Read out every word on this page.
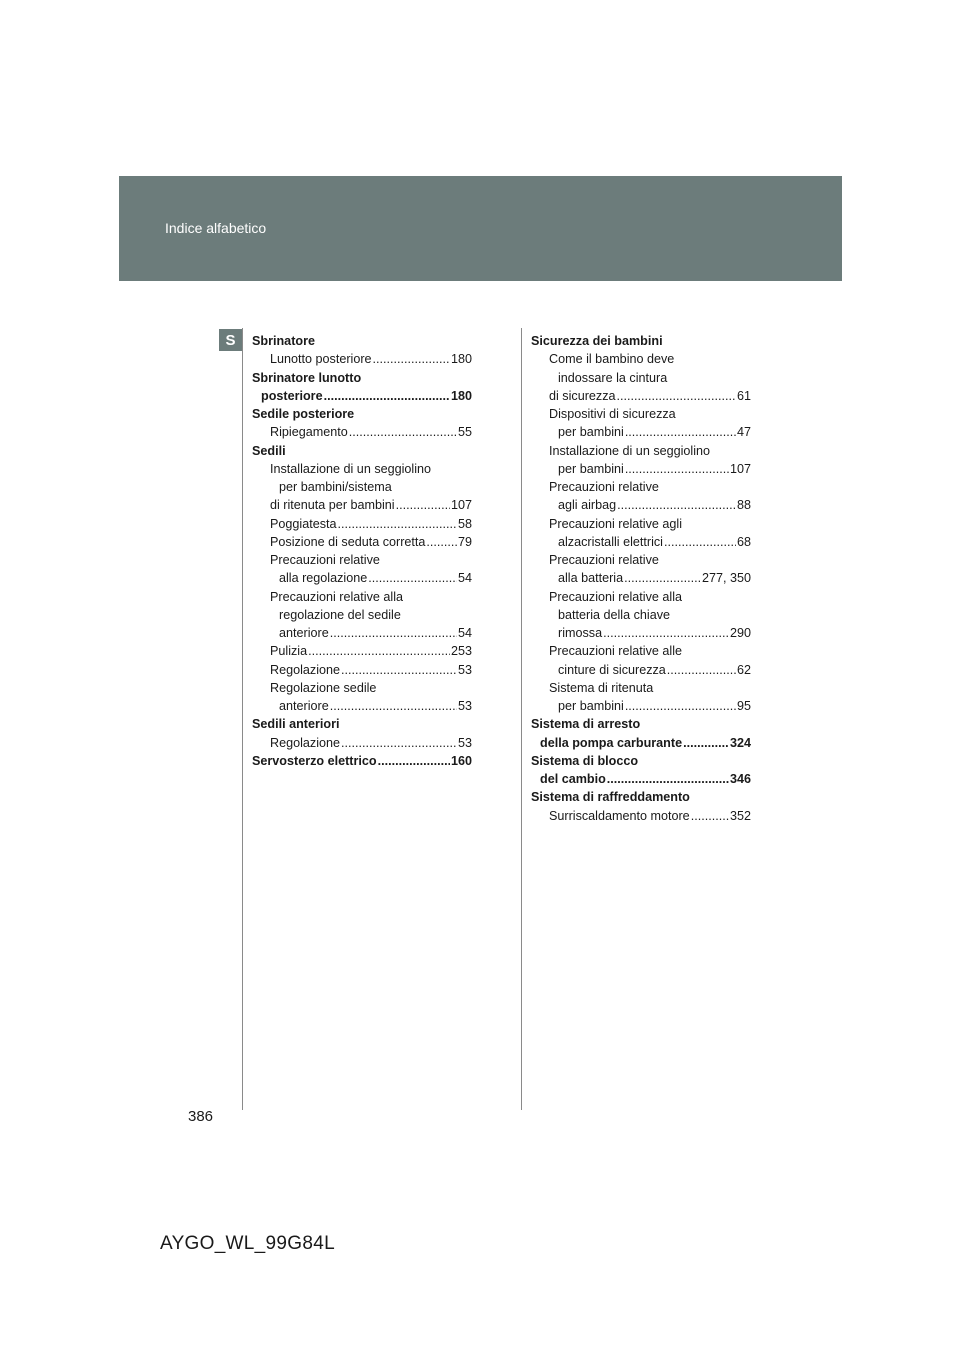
Indice alfabetico
S	Sbrinatore
Lunotto posteriore .....	180
Sbrinatore lunotto
posteriore .....	180
Sedile posteriore
Ripiegamento .....	55
Sedili
Installazione di un seggiolino
per bambini/sistema
di ritenuta per bambini .....	107
Poggiatesta .....	58
Posizione di seduta corretta .....	79
Precauzioni relative
alla regolazione .....	54
Precauzioni relative alla
regolazione del sedile
anteriore .....	54
Pulizia .....	253
Regolazione .....	53
Regolazione sedile
anteriore .....	53
Sedili anteriori
Regolazione .....	53
Servosterzo elettrico .....	160
Sicurezza dei bambini
Come il bambino deve
indossare la cintura
di sicurezza .....	61
Dispositivi di sicurezza
per bambini .....	47
Installazione di un seggiolino
per bambini .....	107
Precauzioni relative
agli airbag .....	88
Precauzioni relative agli
alzacristalli elettrici .....	68
Precauzioni relative
alla batteria .....	277, 350
Precauzioni relative alla
batteria della chiave
rimossa .....	290
Precauzioni relative alle
cinture di sicurezza .....	62
Sistema di ritenuta
per bambini .....	95
Sistema di arresto
della pompa carburante .....	324
Sistema di blocco
del cambio .....	346
Sistema di raffreddamento
Surriscaldamento motore .....	352
386
AYGO_WL_99G84L
